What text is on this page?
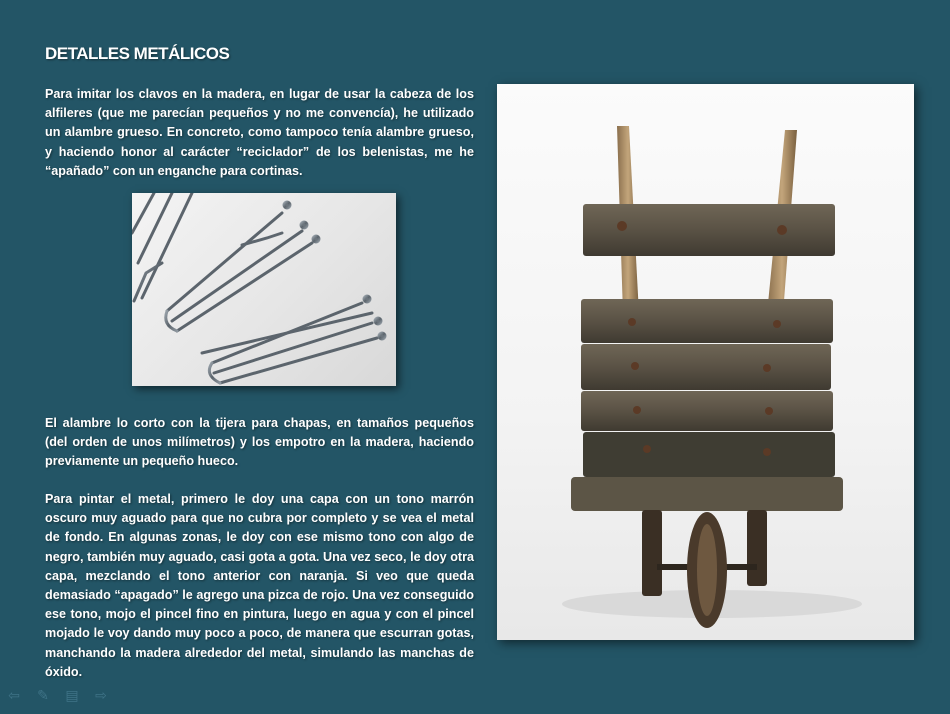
DETALLES METÁLICOS
Para imitar los clavos en la madera, en lugar de usar la cabeza de los alfileres (que me parecían pequeños y no me convencía), he utilizado un alambre grueso. En concreto, como tampoco tenía alambre grueso, y haciendo honor al carácter “reciclador” de los belenistas, me he “apañado” con un enganche para cortinas.
El alambre lo corto con la tijera para chapas, en tamaños pequeños (del orden de unos milímetros) y los empotro en la madera, haciendo previamente un pequeño hueco.
Para pintar el metal, primero le doy una capa con un tono marrón oscuro muy aguado para que no cubra por completo y se vea el metal de fondo. En algunas zonas, le doy con ese mismo tono con algo de negro, también muy aguado, casi gota a gota. Una vez seco, le doy otra capa, mezclando el tono anterior con naranja. Si veo que queda demasiado “apagado” le agrego una pizca de rojo. Una vez conseguido ese tono, mojo el pincel fino en pintura, luego en agua y con el pincel mojado le voy dando muy poco a poco, de manera que escurran gotas, manchando la madera alrededor del metal, simulando las manchas de óxido.
⇦ ✎ ▤ ⇨
